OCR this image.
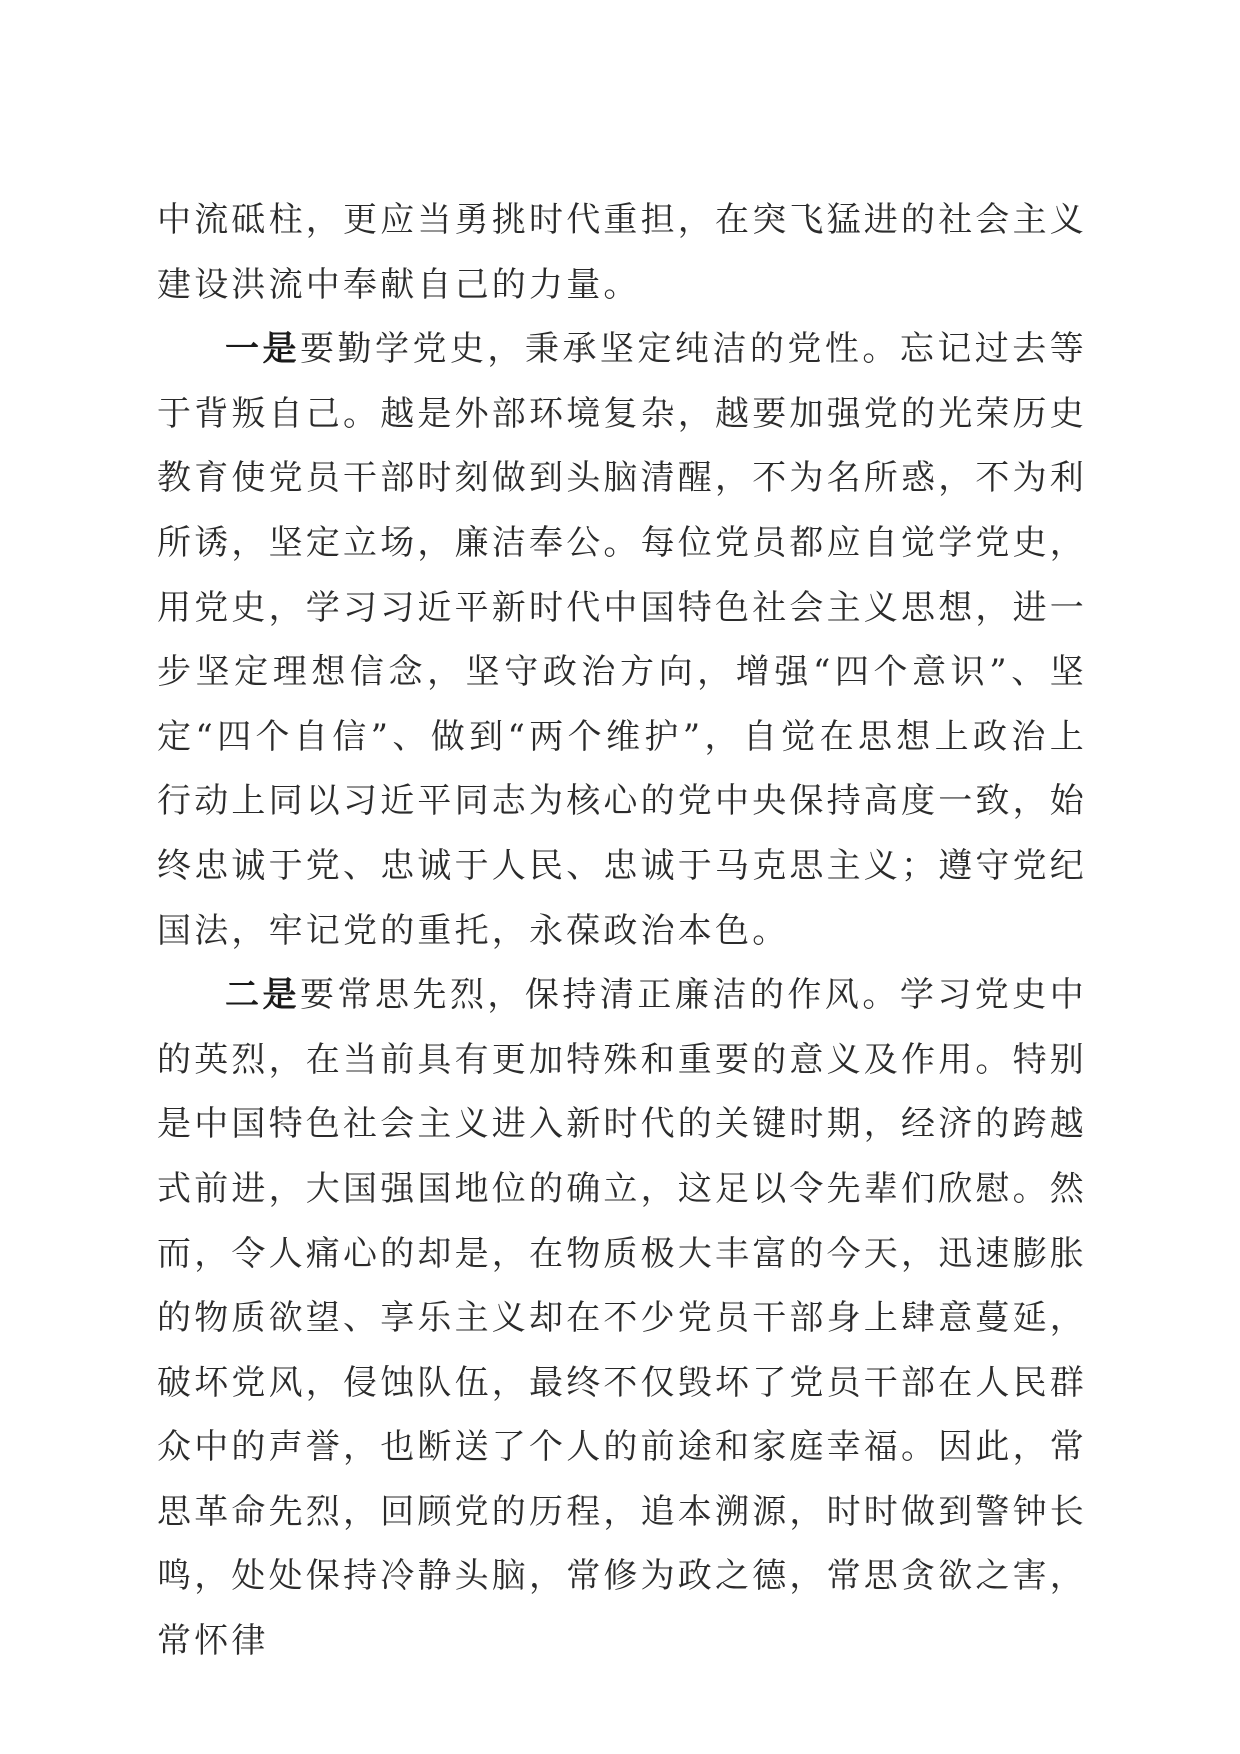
中流砥柱，更应当勇挑时代重担，在突飞猛进的社会主义建设洪流中奉献自己的力量。

一是要勤学党史，秉承坚定纯洁的党性。忘记过去等于背叛自己。越是外部环境复杂，越要加强党的光荣历史教育使党员干部时刻做到头脑清醒，不为名所惑，不为利所诱，坚定立场，廉洁奉公。每位党员都应自觉学党史，用党史，学习习近平新时代中国特色社会主义思想，进一步坚定理想信念，坚守政治方向，增强“四个意识”、坚定“四个自信”、做到“两个维护”，自觉在思想上政治上行动上同以习近平同志为核心的党中央保持高度一致，始终忠诚于党、忠诚于人民、忠诚于马克思主义；遵守党纪国法，牢记党的重托，永葆政治本色。

二是要常思先烈，保持清正廉洁的作风。学习党史中的英烈，在当前具有更加特殊和重要的意义及作用。特别是中国特色社会主义进入新时代的关键时期，经济的跨越式前进，大国强国地位的确立，这足以令先辈们欣慰。然而，令人痛心的却是，在物质极大丰富的今天，迅速膨胀的物质欲望、享乐主义却在不少党员干部身上肆意蔓延，破坏党风，侵蚀队伍，最终不仅毁坏了党员干部在人民群众中的声誉，也断送了个人的前途和家庭幸福。因此，常思革命先烈，回顾党的历程，追本溯源，时时做到警钟长鸣，处处保持冷静头脑，常修为政之德，常思贪欲之害，常怀律
